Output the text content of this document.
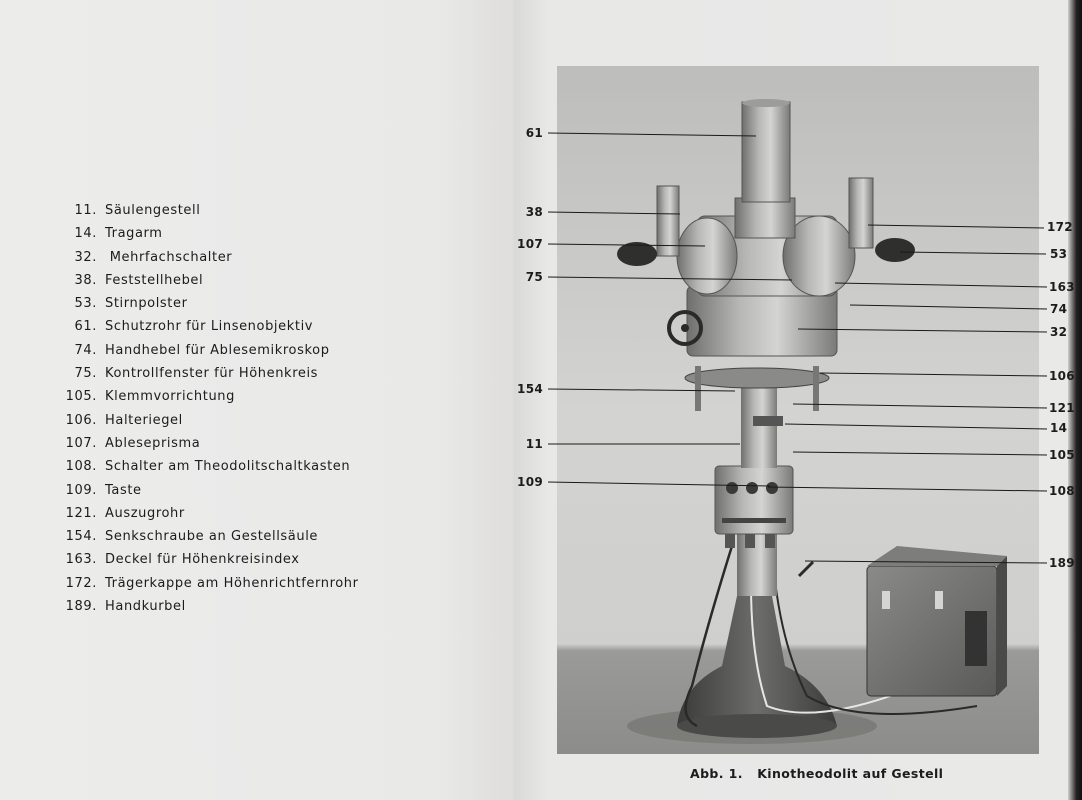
11. Säulengestell
14. Tragarm
32. Mehrfachschalter
38. Feststellhebel
53. Stirnpolster
61. Schutzrohr für Linsenobjektiv
74. Handhebel für Ablesemikroskop
75. Kontrollfenster für Höhenkreis
105. Klemmvorrichtung
106. Halteriegel
107. Ableseprisma
108. Schalter am Theodolitschaltkasten
109. Taste
121. Auszugrohr
154. Senkschraube an Gestellsäule
163. Deckel für Höhenkreisindex
172. Trägerkappe am Höhenrichtfernrohr
189. Handkurbel
61
38
107
75
154
11
109
172
53
163
74
32
106
121
14
105
108
189
Abb. 1. Kinotheodolit auf Gestell
